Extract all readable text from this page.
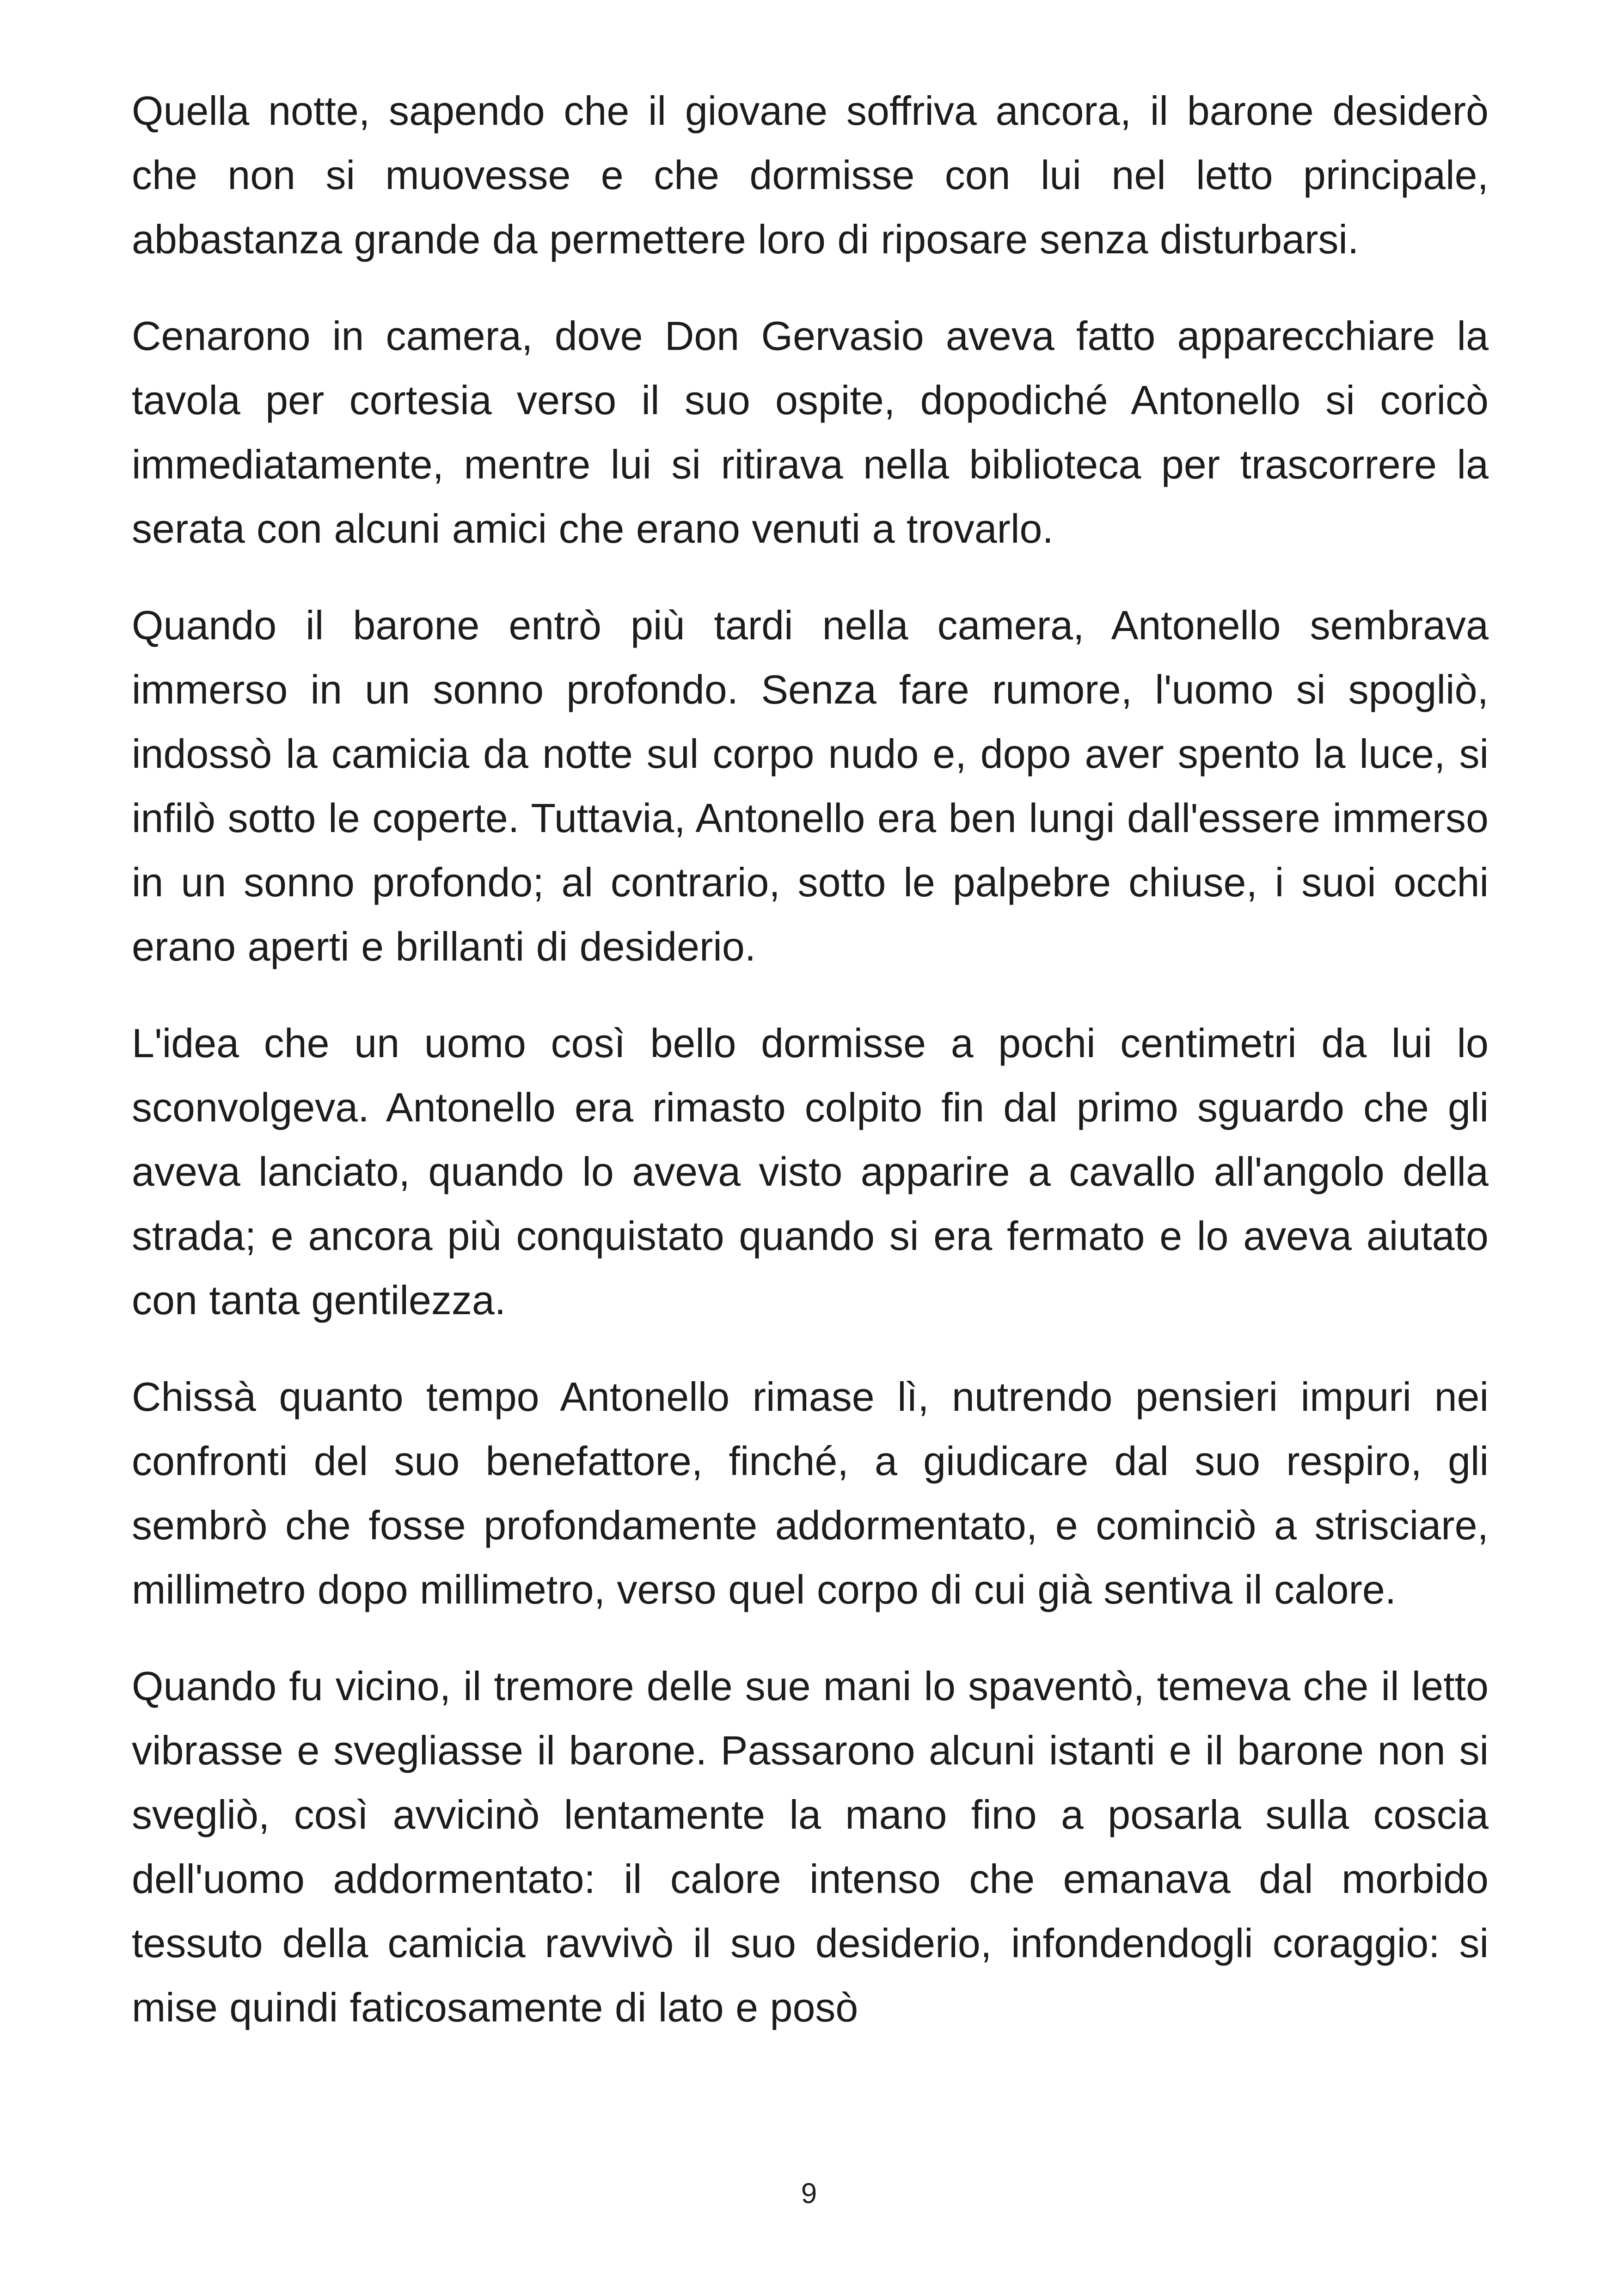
Quella notte, sapendo che il giovane soffriva ancora, il barone desiderò che non si muovesse e che dormisse con lui nel letto principale, abbastanza grande da permettere loro di riposare senza disturbarsi.

Cenarono in camera, dove Don Gervasio aveva fatto apparecchiare la tavola per cortesia verso il suo ospite, dopodiché Antonello si coricò immediatamente, mentre lui si ritirava nella biblioteca per trascorrere la serata con alcuni amici che erano venuti a trovarlo.

Quando il barone entrò più tardi nella camera, Antonello sembrava immerso in un sonno profondo. Senza fare rumore, l'uomo si spogliò, indossò la camicia da notte sul corpo nudo e, dopo aver spento la luce, si infilò sotto le coperte. Tuttavia, Antonello era ben lungi dall'essere immerso in un sonno profondo; al contrario, sotto le palpebre chiuse, i suoi occhi erano aperti e brillanti di desiderio.

L'idea che un uomo così bello dormisse a pochi centimetri da lui lo sconvolgeva. Antonello era rimasto colpito fin dal primo sguardo che gli aveva lanciato, quando lo aveva visto apparire a cavallo all'angolo della strada; e ancora più conquistato quando si era fermato e lo aveva aiutato con tanta gentilezza.

Chissà quanto tempo Antonello rimase lì, nutrendo pensieri impuri nei confronti del suo benefattore, finché, a giudicare dal suo respiro, gli sembrò che fosse profondamente addormentato, e cominciò a strisciare, millimetro dopo millimetro, verso quel corpo di cui già sentiva il calore.

Quando fu vicino, il tremore delle sue mani lo spaventò, temeva che il letto vibrasse e svegliasse il barone. Passarono alcuni istanti e il barone non si svegliò, così avvicinò lentamente la mano fino a posarla sulla coscia dell'uomo addormentato: il calore intenso che emanava dal morbido tessuto della camicia ravvivò il suo desiderio, infondendogli coraggio: si mise quindi faticosamente di lato e posò

9
